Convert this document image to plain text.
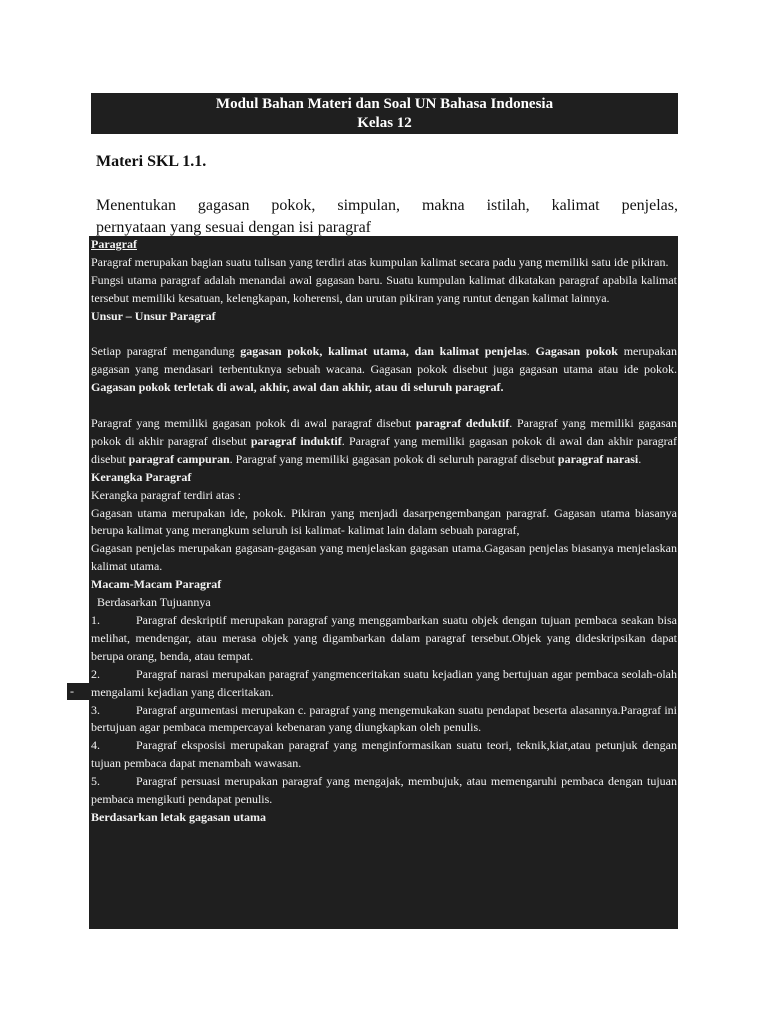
Modul Bahan Materi dan Soal UN Bahasa Indonesia
Kelas 12
Materi SKL 1.1.
Menentukan gagasan pokok, simpulan, makna istilah, kalimat penjelas,
pernyataan yang sesuai dengan isi paragraf

Paragraf

Paragraf merupakan bagian suatu tulisan yang terdiri atas kumpulan kalimat secara padu yang memiliki satu ide pikiran.

Fungsi utama paragraf adalah menandai awal gagasan baru. Suatu kumpulan kalimat dikatakan paragraf apabila kalimat tersebut memiliki kesatuan, kelengkapan, koherensi, dan urutan pikiran yang runtut dengan kalimat lainnya.

Unsur – Unsur Paragraf

Setiap paragraf mengandung gagasan pokok, kalimat utama, dan kalimat penjelas. Gagasan pokok merupakan gagasan yang mendasari terbentuknya sebuah wacana. Gagasan pokok disebut juga gagasan utama atau ide pokok. Gagasan pokok terletak di awal, akhir, awal dan akhir, atau di seluruh paragraf.

Paragraf yang memiliki gagasan pokok di awal paragraf disebut paragraf deduktif. Paragraf yang memiliki gagasan pokok di akhir paragraf disebut paragraf induktif. Paragraf yang memiliki gagasan pokok di awal dan akhir paragraf disebut paragraf campuran. Paragraf yang memiliki gagasan pokok di seluruh paragraf disebut paragraf narasi.

Kerangka Paragraf

Kerangka paragraf terdiri atas :

Gagasan utama merupakan ide, pokok. Pikiran yang menjadi dasarpengembangan paragraf. Gagasan utama biasanya berupa kalimat yang merangkum seluruh isi kalimat- kalimat lain dalam sebuah paragraf,

Gagasan penjelas merupakan gagasan-gagasan yang menjelaskan gagasan utama.Gagasan penjelas biasanya menjelaskan kalimat utama.

Macam-Macam Paragraf

Berdasarkan Tujuannya

1.	Paragraf deskriptif merupakan paragraf yang menggambarkan suatu objek dengan tujuan pembaca seakan bisa melihat, mendengar, atau merasa objek yang digambarkan dalam paragraf tersebut.Objek yang dideskripsikan dapat berupa orang, benda, atau tempat.

2.	Paragraf narasi merupakan paragraf yangmenceritakan suatu kejadian yang bertujuan agar pembaca seolah-olah mengalami kejadian yang diceritakan.

3.	Paragraf argumentasi merupakan c. paragraf yang mengemukakan suatu pendapat beserta alasannya.Paragraf ini bertujuan agar pembaca mempercayai kebenaran yang diungkapkan oleh penulis.

4.	Paragraf eksposisi merupakan paragraf yang menginformasikan suatu teori, teknik,kiat,atau petunjuk dengan tujuan pembaca dapat menambah wawasan.

5.	Paragraf persuasi merupakan paragraf yang mengajak, membujuk, atau memengaruhi pembaca dengan tujuan pembaca mengikuti pendapat penulis.

Berdasarkan letak gagasan utama

-
